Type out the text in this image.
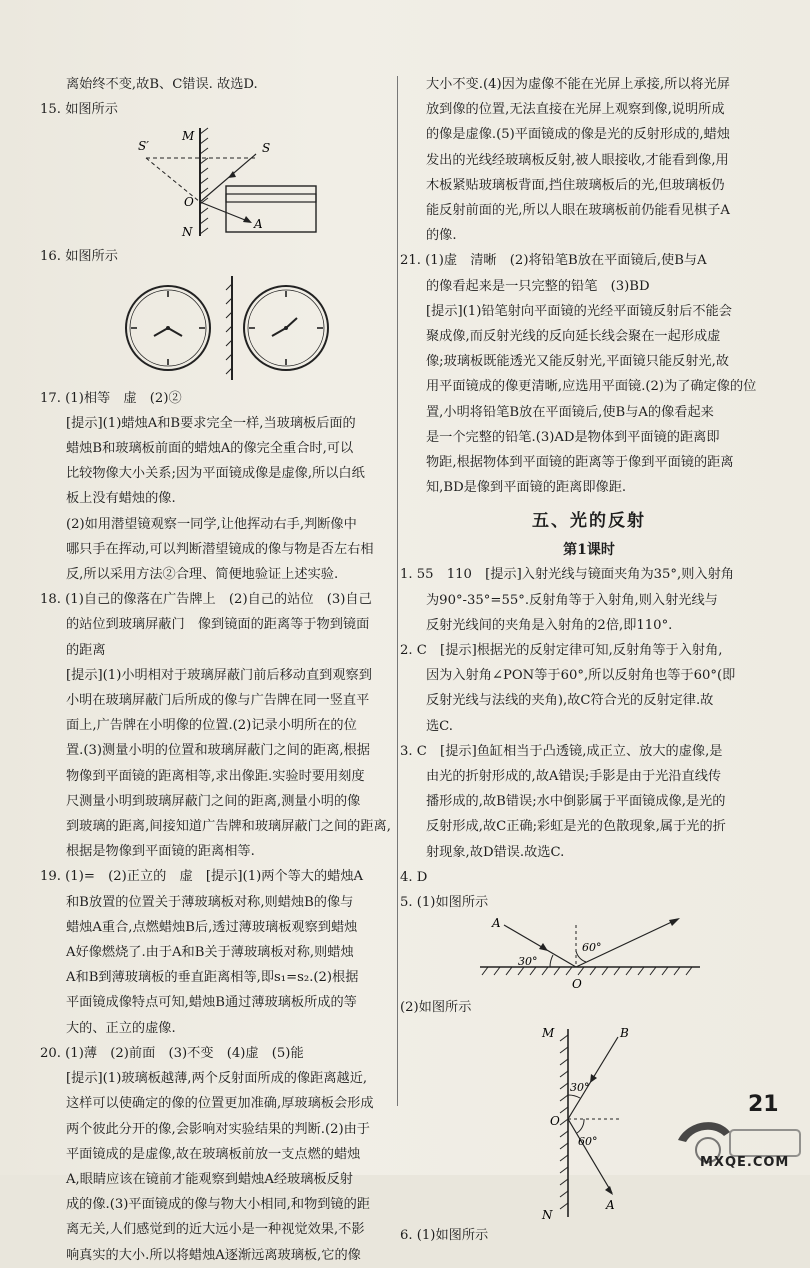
离始终不变,故B、C错误. 故选D.

15. 如图所示

S′
M
S
O
A
N

16. 如图所示

17. (1)相等　虚　(2)②

[提示](1)蜡烛A和B要求完全一样,当玻璃板后面的

蜡烛B和玻璃板前面的蜡烛A的像完全重合时,可以

比较物像大小关系;因为平面镜成像是虚像,所以白纸

板上没有蜡烛的像.

(2)如用潜望镜观察一同学,让他挥动右手,判断像中

哪只手在挥动,可以判断潜望镜成的像与物是否左右相

反,所以采用方法②合理、简便地验证上述实验.

18. (1)自己的像落在广告牌上　(2)自己的站位　(3)自己

的站位到玻璃屏蔽门　像到镜面的距离等于物到镜面

的距离

[提示](1)小明相对于玻璃屏蔽门前后移动直到观察到

小明在玻璃屏蔽门后所成的像与广告牌在同一竖直平

面上,广告牌在小明像的位置.(2)记录小明所在的位

置.(3)测量小明的位置和玻璃屏蔽门之间的距离,根据

物像到平面镜的距离相等,求出像距.实验时要用刻度

尺测量小明到玻璃屏蔽门之间的距离,测量小明的像

到玻璃的距离,间接知道广告牌和玻璃屏蔽门之间的距离,

根据是物像到平面镜的距离相等.

19. (1)=　(2)正立的　虚　[提示](1)两个等大的蜡烛A

和B放置的位置关于薄玻璃板对称,则蜡烛B的像与

蜡烛A重合,点燃蜡烛B后,透过薄玻璃板观察到蜡烛

A好像燃烧了.由于A和B关于薄玻璃板对称,则蜡烛

A和B到薄玻璃板的垂直距离相等,即s₁=s₂.(2)根据

平面镜成像特点可知,蜡烛B通过薄玻璃板所成的等

大的、正立的虚像.

20. (1)薄　(2)前面　(3)不变　(4)虚　(5)能

[提示](1)玻璃板越薄,两个反射面所成的像距离越近,

这样可以使确定的像的位置更加准确,厚玻璃板会形成

两个彼此分开的像,会影响对实验结果的判断.(2)由于

平面镜成的是虚像,故在玻璃板前放一支点燃的蜡烛

A,眼睛应该在镜前才能观察到蜡烛A经玻璃板反射

成的像.(3)平面镜成的像与物大小相同,和物到镜的距

离无关,人们感觉到的近大远小是一种视觉效果,不影

响真实的大小.所以将蜡烛A逐渐远离玻璃板,它的像

大小不变.(4)因为虚像不能在光屏上承接,所以将光屏

放到像的位置,无法直接在光屏上观察到像,说明所成

的像是虚像.(5)平面镜成的像是光的反射形成的,蜡烛

发出的光线经玻璃板反射,被人眼接收,才能看到像,用

木板紧贴玻璃板背面,挡住玻璃板后的光,但玻璃板仍

能反射前面的光,所以人眼在玻璃板前仍能看见棋子A

的像.

21. (1)虚　清晰　(2)将铅笔B放在平面镜后,使B与A

的像看起来是一只完整的铅笔　(3)BD

[提示](1)铅笔射向平面镜的光经平面镜反射后不能会

聚成像,而反射光线的反向延长线会聚在一起形成虚

像;玻璃板既能透光又能反射光,平面镜只能反射光,故

用平面镜成的像更清晰,应选用平面镜.(2)为了确定像的位

置,小明将铅笔B放在平面镜后,使B与A的像看起来

是一个完整的铅笔.(3)AD是物体到平面镜的距离即

物距,根据物体到平面镜的距离等于像到平面镜的距离

知,BD是像到平面镜的距离即像距.

五、光的反射
第1课时

1. 55　110　[提示]入射光线与镜面夹角为35°,则入射角

为90°-35°=55°.反射角等于入射角,则入射光线与

反射光线间的夹角是入射角的2倍,即110°.

2. C　[提示]根据光的反射定律可知,反射角等于入射角,

因为入射角∠PON等于60°,所以反射角也等于60°(即

反射光线与法线的夹角),故C符合光的反射定律.故

选C.

3. C　[提示]鱼缸相当于凸透镜,成正立、放大的虚像,是

由光的折射形成的,故A错误;手影是由于光沿直线传

播形成的,故B错误;水中倒影属于平面镜成像,是光的

反射形成,故C正确;彩虹是光的色散现象,属于光的折

射现象,故D错误.故选C.

4. D

5. (1)如图所示

A
30°
60°
O

(2)如图所示

M	B
30°
O
60°
A
N

6. (1)如图所示

21
MXQE.COM
